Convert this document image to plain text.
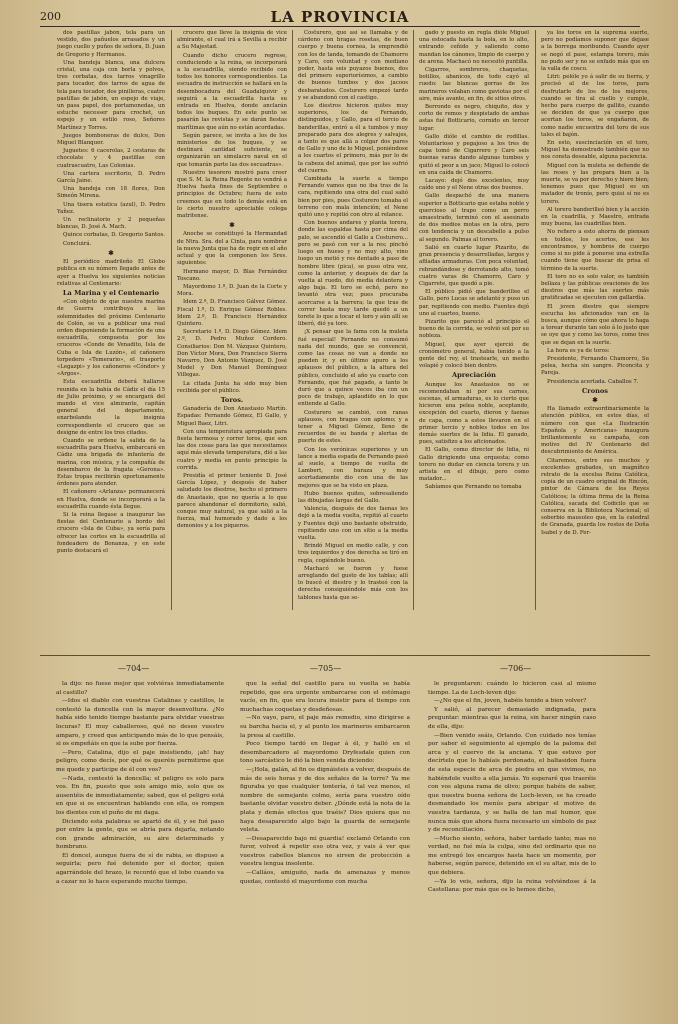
200	LA PROVINCIA

dos pastillas jabón, tela para un vestido, dos pañuelos arrasados y un juego cuello y puños de señora, D. Juan de Gregorio y Hermanos.

Una bandeja blanca, una dulcera cristal, una caja con borla y polvos, tres corbatas, dos tarros vinagrillo para tocador, dos tarros de agua de tela para tocador, dos pinilleras, cuatro pastillas de jabón, un espejo de viaje, un pasa papel, dos portamonedas, un estuche necesser para crochet, un espejo y un estilo roso, Señores Martínez y Torres.

Juegos bomboneras de dulce, Don Miguel Blanquer.

Juguetes: 6 cacerolas, 2 cestaras de chocolate y 4 pastillas con cuatrascuatro, Las Colonias.

Una cartera escritorio, D. Pedro García Jaine.

Una bandeja con 18 flores, Don Simeón Mirena.

Una tisera estatica (azul), D. Pedro Yañez.

Un reclinatorio y 2 pequeñas blancas, D. José A. Mach.

Quince corbatas, D. Gregorio Santos.

Concluirá.

✱

El periódico madrileño El Globo publica en su número llegado antes de ayer a Huelva los siguientes noticias relativas al Centenario:

La Marina y el Centenario

«Con objeto de que nuestra marina de Guerra contribuya a las solemnidades del próximo Centenario de Colón, se va a publicar una real orden disponiendo la formación de una escuadrilla, compuesta por los cruceros «Conde de Venadito, Isla de Cuba e Isla de Luzón», el cañonero torpedero «Temerario», el trasporte «Legazpi» y los cañoneros «Cóndor» y «Argos».

Esta escuadrilla deberá hallarse reunida en la bahía de Cádiz el día 15 de Julio próximo, y se encargará del mando el vice almirante, capitán general del departamento, enarbolando la insignia correspondiente el crucero que se designe de entre los tres citados.

Cuando se ordene la salida de la escuadrilla para Huelva, embarcará en Cádiz una brigada de infantería de marina, con música, y la compañía de desembarco de la fragata «Gerona». Estas tropas recibirán oportunamente órdenes para atender.

El cañonero «Arlanza» permanecerá en Huelva, donde se incorporará a la escuadrilla cuando ésta llegue.

Si la reina llegase a inaugurar las fiestas del Centenario a bordo del crucero «Isla de Cuba», ya sería para ofrecer las cortes en la escuadrilla al fondeadero de Bonanza, y en este punto destacará el

crucero que lleve la insignia de vice almirante, el cual irá a Sevilla a recibir a Su Majestad.

Cuando dicho crucero regrese, conduciendo a la reina, se incorporará a la escuadrilla, siendo recibido con todos los honores correspondientes. La escuadra de instrucción se hallará en la desembocadura del Guadalquivir y seguirá a la escuadrilla hasta su entrada en Huelva, donde anclarán todos los buques. En este punto se pasarán las revistas y se darán fiestas marítimas que aún no están acordadas.

Según parece, se invita a los de los ministerios de los buques, y se destinará cantidad suficiente, se organizarán un simulacro naval en el que tomarán parte las dos escuadras».

Nuestro tesorero mostró para creer que S. M. la Reina Regente no vendrá a Huelva hasta fines de Septiembre o principios de Octubre; fuera de esto creemos que en todo lo demás está en lo cierto nuestro apreciable colega matritense.

✱

Anoche se constituyó la Hermandad de Ntra. Sra. del a Cinta, para nombrar la nueva Junta que ha de regir en el año actual y que la componen los Sres. siguientes:

Hermano mayor, D. Blas Fernández Toscano.

Mayordomo 1.º, D. Juan de la Corte y Mora.

Idem 2.º, D. Francisco Gálvez Gómez. Fiscal 1.º, D. Enrique Gómez Robles. Idem 2.º, D. Francisco Hernández Quintero.

Secretario 1.º, D. Diego Gómez. Idem 2.º, D. Pedro Muñoz Cordero. Consiliarios: Don M. Vázquez Quintero, Don Víctor Mora, Don Francisco Sierra Navarro, Don Antonio Vázquez, D. José Model y Don Manuel Domínguez Villegas.

La citada Junta ha sido muy bien recibida por el público.

Toros.

Ganadería de Don Anastasio Martín. Espadas: Fernando Gómez, El Gallo, y Miguel Baez, Litri.

Con una temperatura apropiada para fiesta hermosa y correr toros, que son las dos cosas para las que necesitamos aquí más elevada temperatura, dió a las cuatro y media en punto principio la corrida.

Presidía el primer teniente D. José García López, y después de haber saludado los diestros, hecho el primero de Anastasio, que no quería a lo que parece abandonar el dormitorio, salió, conque muy natural, ya que salió a la fuerza, mal humorado y dado a los demonios y a los piqueros.

Costurero, que así se llamaba y de cárdeno con bragas rosetas, de buen cuerpo y buena cornea, la emprendió con los de tanda, tomando de Chamorro y Caro, con voluntad y con mediano poder, hasta seis puyazos buenos, dos del primero superiorísimos, a cambio de buenos tumbos y dos jacoos desbaratados. Costurero empezó tardo y se abandonó con el castigo.

Los diestros hicieron quites muy superiores, los de Fernando, distinguidos, y Gallo, para el tercio de banderillas, entró a él a tumbos y muy preparado para dos alegres y salvajes, a tanto es que allá a colgar dos pares de Gallo y uno de lo Miguel, poniéndose a los cuartos el primero, más por lo de la cabeza del animal, que por las sufrió del cuerno.

Cambiada la suerte a tiempo Fernando vamos que no iba tras de la cara, repitiendo una otra del cual salió bien por pies, pues Costurero tomaba el terreno con mala intención; el Nene quitó uno y repitió con otro al relance.

Con buenos andares y planta torera, donde las espaldas hasta por cima del palo, se ascendió el Gallo a Costurero... pero se pasó con ver a la res; pinchó luego en hueso y no muy alto, vino luego un metió y res dentado a paso de hombre libre (pica), se puso otra vez, como la anterior, y después de dar la vuelta al ruedo, dió media delantera y algo baja. El toro se echó, pero no levantó otra vez; pues procuraba acercarse a la barrera; la que tras de correr hasta muy tarde quedó a un torete lo que a tocar el toro y aún allí se liberó, dió ya toro.

¡X pensar que la fama con la muleta fué especial! Fernando no consumó nada del mundo, que se convenció, como las cosas no van a donde no pueden ir, y en último apuro a los aplausos del público, a la altura del público, concluido el año ya cuarto con Fernando, que fué pagado, a tanto le duró que a quince veces iba con un poco de trabajo, aplaudido en lo que entiende al Gallo.

Costurero se cambió, con ranas aplausos, con bragas con aplomo; y a tener a Miguel Gómez, lleno de recuerdos de su banda y alertas de puerto de estes.

Con los verónicas superiores y un lance a media espada de Fernando pasó al suelo, a tiempo de vuelta de Lambert, con baraza y muy acertadamente dio con una de las mejores que se ha visto en plaza.

Hubo buenos quites, sobresaliendo las dibujadas largas del Gallo.

Valencia, después de dos faenas les dejó a la media vuelta, repitió al cuarto y Fuentes dejó uno bastante obstruido, repitiendo uno con un sitio a la media vuelta.

Brindó Miguel en medio calle, y con tres izquierdos y dos derecha se tiró en regla, cogiéndole bueno.

Machacó se fueron y fuese arreglando del gusto de los tablas; allí lo buscó el diestro y lo trasteó con la derecha consiguiéndole más con los tablones hasta que se-

gado y puesto en regla dióle Miguel una estocada hasta la bola, en lo alto, entrando ceñido y saliendo como mandan los cánones, limpio de cuerpo y de arena. Machacó no necesitó puntilla.

Cigarros, sombreros, chaquetas, botillos, abanicos, de todo cayó al ruedo: las blancas gorras de los marineros volaban como gaviotas por el aire, más avante, en fin, de sitios otros.

Berrondo es negro, chiquito, dos y corto de remos y despistado de ambas astas fué Botticario, cornido en tercer lugar.

Gallo dióle el cambio de rodillas. Voluntarioso y pegajoso a los tres de capa tomó de Cigarrero y Caro seis buenas varas dando algunas tumbos y quitó el peor a un jaco; Miguel lo colocó en una caída de Chamorro.

Lacayo: dejó dos excelentes, muy caído uno y el Nene otras dos buenos.

Gallo despachó de una manera superior a Botticario que estaba noble y quercioso al trapo como un perro amaestrado, terminó con el asesinato de dos medios motas en la otra, pero con tendencia y un descabello a pulso al segundo. Palmas al torero.

Salió en cuarto lugar Pizarito, de gran presencia y desarrolladas, largos y afiladas armaduras. Con poca voluntad, rebrandándose y derrotando alto, tomó cuatro varas de Chamorro, Caro y Cigarrete, que quedó a pie.

El público pidió que banderillee el Gallo, pero Lucas se adelantó y puso un par, repitiendo con medio. Fuentes dejó uno al cuarteo, bueno.

Pizarito que pareció al principio el bueno de la corrida, se volvió sol por su nobleza.

Miguel, que ayer ejerció de cronómetro general, había tenido a la gente del rey, el trastearle, un medio volapié y colocó bien dentro.

Apreciación

Aunque los Anastasios no se recomendaban ni por sus carnes, escenas, el armaduras, es lo cierto que hicieron una pelea noble, aceptando, excepción del cuarto, dieron y faenas de capa, como a estos llevaron en el primer tercio y nobles todos en los demás suertes de la lidia. El ganado, pues, satisfizo a los aficionados.

El Gallo, como director de lidia, ni Gallo dirigiendo una orquesta; como torero no dudar en ciencia torera y un artista en el dibujo, pero como matador...

Sabíamos que Fernando no tomaba

ya los toros en la suprema suerte, pero no podíamos suponer que dejase a la borrega moribundo. Cuando ayer se negó el pase, estampa torero, más no pudo ser y no se enfado más que en la valla de cosco.

Litri: pelóle yo á salir de su tierra, y precisó al de los toros, para desfrutarle de los de los mejores, cuando se tira al cuello y cumple, hecho para cuerpo de gallito, cuando se deciden de que ya cuerpo que acertan los toros, se engañaron, de como nadie encuentra del toro de sus tales el bajón.

En esto, suscinciación en el toro, Miguel ha demostrado también que no nos consta deseable, alguna paciencia.

Miguel con la muleta se defiende de las reses y las prepara bien a la muerte, se va por derecho y hiere bien; tenemos pues que Miguel es un matador de tronío, pero quisi sí no es torero.

Al torero banderilleó bien y la acción en la cuadrilla, y Maestro, entrada muy buena, las cuadrillas bien.

No refiero a esto ahorra de piensan en toldos, los acertos, ese les encontramos, y hombros de cuerpo como si no pide á ponerse una estrella cuando tiene que buscar de prisa el término de la suerte.

El toro no es solo valor, es también bellaza y las públicas ovaciones de los diestros que más las suertes más gratificadas se ejecuten con gallardía.

El joven diestro que siempre escucha los aficionados van en la busca, aunque cómo que ahora lo haga a torear durante tan solo á lo justo que se oye que y como las toros, como tres que se dejan en la suerte.

La hora es ya de toros:

Presidente, Fernando Chamorro, Su pelea, hecha sin sangre. Piconcita y Pareja.

Presidencia acertada. Caballos 7.

Cronos
✱

Ha llamado extraordinariamente la atención pública, en estos días, el número con que «La Ilustración Española y Americana» inaugura brillantemente su campaña, con motivo del IV Centenario del descubrimiento de América.

Citaremos, entre sus muchos y excelentes grabados, un magnífico retrato de la excelsa Reina Católica, copia de un cuadro original de Rincón, pintor de Cámara de los Reyes Católicos; la última firma de la Reina Católica, sacada del Codicilo que se conserva en la Biblioteca Nacional; el soberbio mausoleo que, en la catedral de Granada, guarda los restos de Doña Isabel y de D. Fer-

—704—	—705—	—706—

la dijo: no fuese mejor que volviéras inmediatamente al castillo?

—Idos el diablo con vuestras Catalinas y castillos, le contestó la doncella con la mayor desenvoltura. ¿No había sido tenido tiempo bastante para olvidar vuestras locuras? El muy caballeroso, qué no deseo vuestro amparo, y creed que anticipando más de lo que pensáis, si os empeñáis en que la sube por fuerza.

—Pero, Catalina, dijo el paje insistiendo, ¡ah! hay peligro, como decís, por qué os queréis permitirme que me quede y participe de él con vos?

—Nada, contestó la doncella; el peligro es solo para vos. En fin, puesto que sois amigo mío, solo que os ausentéis de inmediatamente; sabed, que el peligro está en que si os encuentran hablando con ella, os rompen los dientes con el puño de mi daga.

Diciendo esta palabras se apartó de él, y se fué paso por entre la gente, que se abría para dejarla, notando con grande admiración, su aire determinado y hombruno.

El doncel, aunque fuera de sí de rabia, se dispuso a seguirla; pero fué detenido por el doctor, quien agarrándole del brazo, le recordó que el lobo cuando va a cazar no lo hace esperando mucho tiempo.

que la señal del castillo para su vuelta se había repetido, que era urgente embarcarse con el estómago vacío, en fin, que era locura insistir para el tiempo con muchachas coquetas y desdeñosas.

—No vayo, paro, el paje más remedio, sino dirigirse a su barcha hacia el, y al punto los marineros embarcaron la presa al castillo.

Poco tiempo tardó en llegar á él, y halló en el desembarcadero al mayordomo Dryfesdale quien con tono sarcástico le dió la bien venida diciendo:

—¡Hola, galán, al fin os dignáisteis a volver, después de más de seis horas y de dos señales de la torre? Ya me figuraba yo que cualquier tontería, ó tal vez menos, el nombre de semejante colmo, sería para vuestro oído bastante olvidar vuestro deber. ¿Dónde está la nota de la plata y demás efectos que traéis? Dios quiera que no haya desaparecido algo bajo la guarda de semejante veleta.

—Desaparecido bajo mi guardia! exclamó Orlando con furor, volved á repetir eso otra vez, y vais á ver que vuestros cabellos blancos no sirven de protección a vuestra lengua insolente.

—Calláos, amiguito, nada de amenazas y menos quedas, contestó el mayordomo con mucha

le preguntaren: cuándo lo hicieron casi al mismo tiempo. La de Loch-leven dijo:

—¿No que el fin, joven, habéis tenido a bien volver?

Y salió, al parecer demasiado indignada, para preguntar: mientras que la reina, sin hacer ningún caso de ella, dijo:

—Bien venido seáis, Orlando. Con cuidado nos tenías por saber el seguimiento al ejemplo de la paloma del arca y el cuervo de la anciana. Y que estuvo por decírtelo que lo habíais perdonado, el baltasidon fuera de esta especie de arca de piedra en que vivimos, no habiéndole vuelto a ella jamás. Yo esperaré que traeréis con vos alguna rama de olivo; porque habéis de saber, que nuestra buena señora de Loch-leven, se ha creado desmandado los menús para abrigar el motivo de vuestra tardanza, y se halla de tan mal humor, que nunca más que ahora fuera necesario un símbolo de paz y de reconciliación.

—Mucho siento, señora, haber tardado tanto; mas no verdad, no fué mía la culpa, sino del ordinario que no me entregó los encargos hasta hace un momento, por haberse, según parece, detenido en el su altar, mis de lo que debiera.

—Ya lo veis, señora, dijo la reina volviéndose á la Castellana: por más que os lo hemos dicho,
